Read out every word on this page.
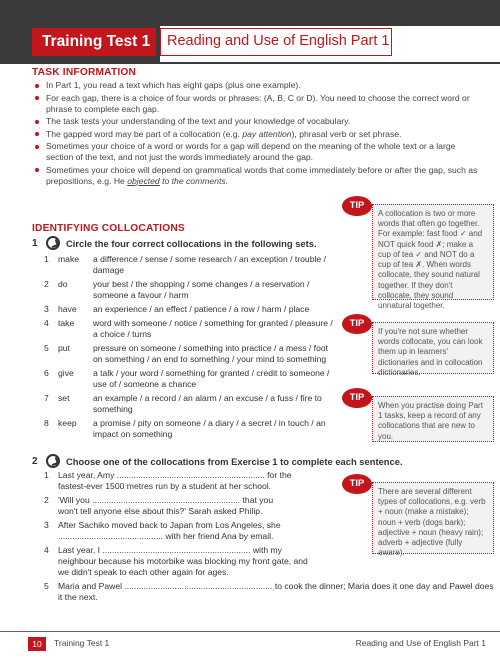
Training Test 1	Reading and Use of English Part 1
TASK INFORMATION
In Part 1, you read a text which has eight gaps (plus one example).
For each gap, there is a choice of four words or phrases: (A, B, C or D). You need to choose the correct word or phrase to complete each gap.
The task tests your understanding of the text and your knowledge of vocabulary.
The gapped word may be part of a collocation (e.g. pay attention), phrasal verb or set phrase.
Sometimes your choice of a word or words for a gap will depend on the meaning of the whole text or a large section of the text, and not just the words immediately around the gap.
Sometimes your choice will depend on grammatical words that come immediately before or after the gap, such as prepositions, e.g. He objected to the comments.
IDENTIFYING COLLOCATIONS
1	Circle the four correct collocations in the following sets.
1	make	a difference / sense / some research / an exception / trouble / damage
2	do	your best / the shopping / some changes / a reservation / someone a favour / harm
3	have	an experience / an effect / patience / a row / harm / place
4	take	word with someone / notice / something for granted / pleasure / a choice / turns
5	put	pressure on someone / something into practice / a mess / foot on something / an end to something / your mind to something
6	give	a talk / your word / something for granted / credit to someone / use of / someone a chance
7	set	an example / a record / an alarm / an excuse / a fuss / fire to something
8	keep	a promise / pity on someone / a diary / a secret / in touch / an impact on something
2	Choose one of the collocations from Exercise 1 to complete each sentence.
1 Last year, Amy .............................................................. for the fastest-ever 1500 metres run by a student at her school.
2 'Will you .............................................................. that you won't tell anyone else about this?' Sarah asked Philip.
3 After Sachiko moved back to Japan from Los Angeles, she ............................................ with her friend Ana by email.
4 Last year, I .............................................................. with my neighbour because his motorbike was blocking my front gate, and we didn't speak to each other again for ages.
5 Maria and Pawel .............................................................. to cook the dinner; Maria does it one day and Pawel does it the next.
TIP
A collocation is two or more words that often go together. For example: fast food ✓ and NOT quick food ✗; make a cup of tea ✓ and NOT do a cup of tea ✗. When words collocate, they sound natural together. If they don't collocate, they sound unnatural together.
TIP
If you're not sure whether words collocate, you can look them up in learners' dictionaries and in collocation dictionaries.
TIP
When you practise doing Part 1 tasks, keep a record of any collocations that are new to you.
TIP
There are several different types of collocations, e.g. verb + noun (make a mistake); noun + verb (dogs bark); adjective + noun (heavy rain); adverb + adjective (fully aware).
10	Training Test 1	Reading and Use of English Part 1
